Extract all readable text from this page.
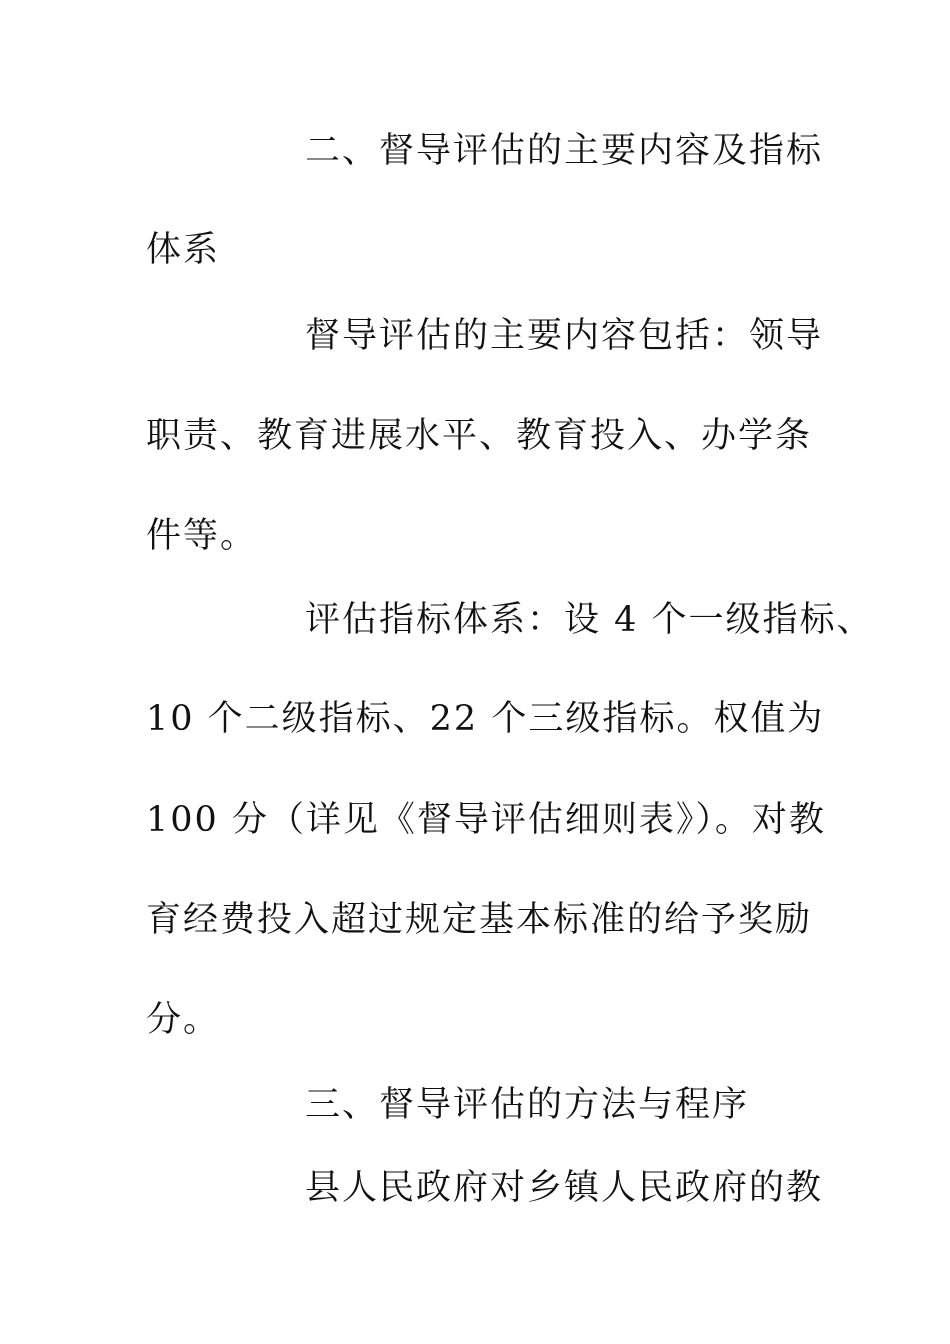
二、督导评估的主要内容及指标
体系
督导评估的主要内容包括：领导
职责、教育进展水平、教育投入、办学条
件等。
评估指标体系：设 4 个一级指标、
10 个二级指标、22 个三级指标。权值为
100 分（详见《督导评估细则表》）。对教
育经费投入超过规定基本标准的给予奖励
分。
三、督导评估的方法与程序
县人民政府对乡镇人民政府的教
